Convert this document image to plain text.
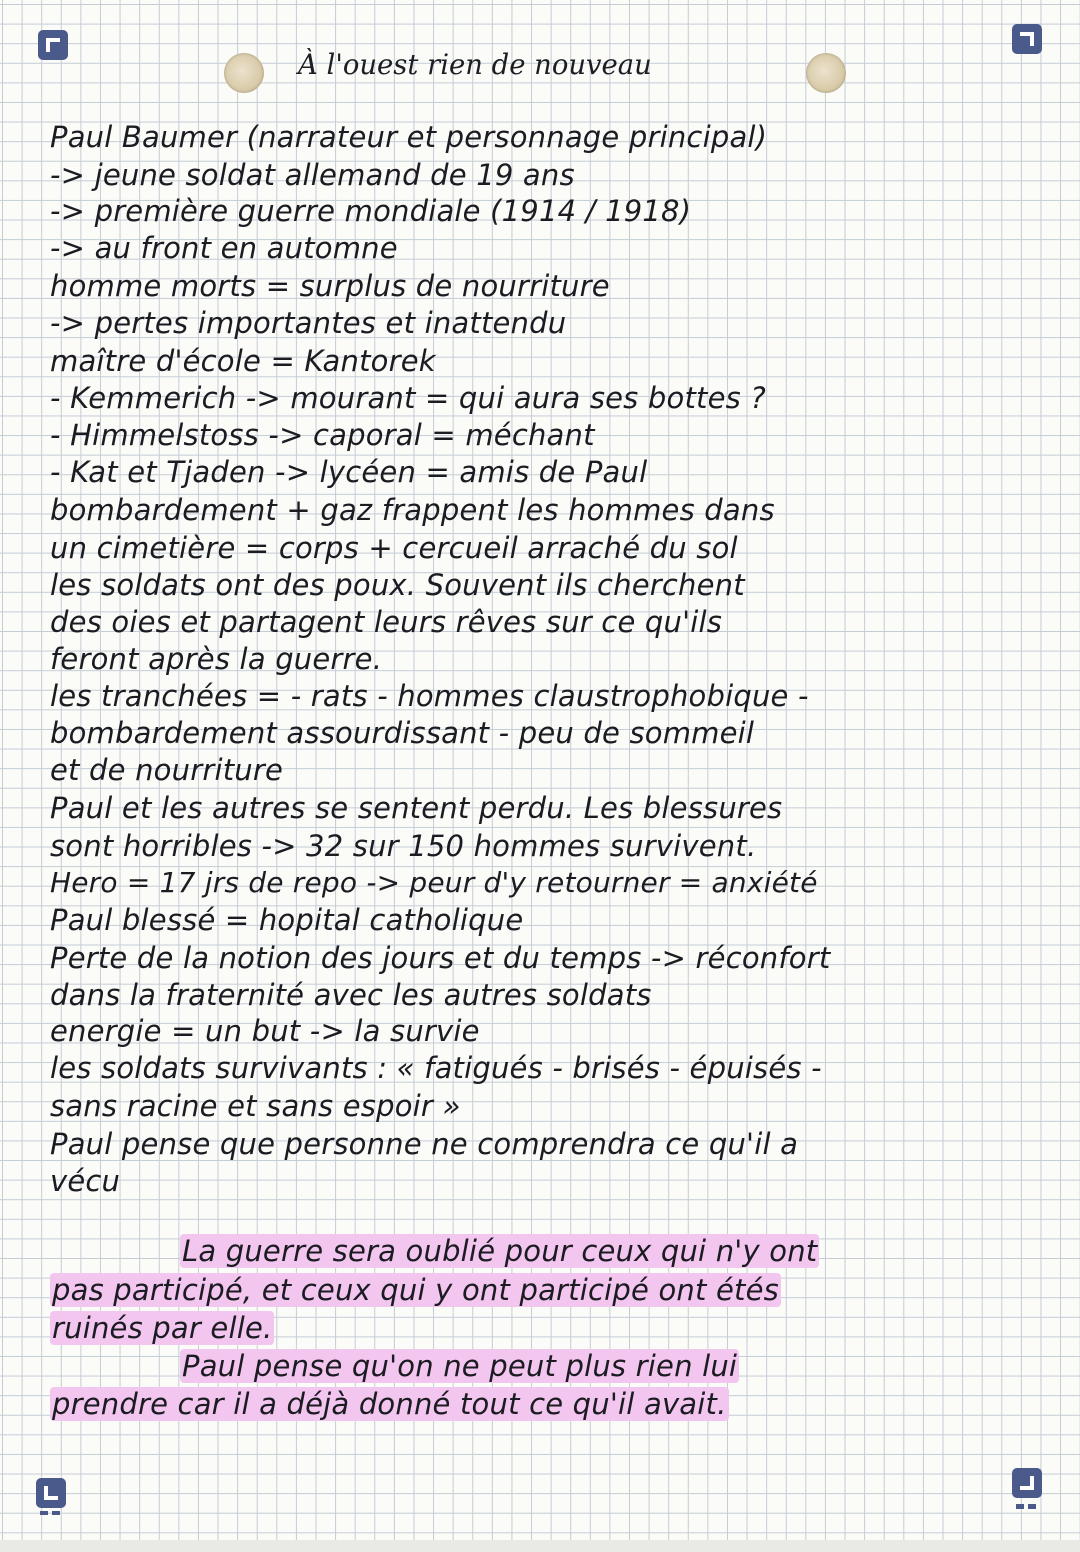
À l'ouest rien de nouveau
Paul Baumer (narrateur et personnage principal)
-> jeune soldat allemand de 19 ans
-> première guerre mondiale (1914 / 1918)
-> au front en automne
homme morts = surplus de nourriture
-> pertes importantes et inattendu
maître d'école = Kantorek
- Kemmerich -> mourant = qui aura ses bottes ?
- Himmelstoss -> caporal = méchant
- Kat et Tjaden -> lycéen = amis de Paul
bombardement + gaz frappent les hommes dans
un cimetière = corps + cercueil arraché du sol
les soldats ont des poux. Souvent ils cherchent
des oies et partagent leurs rêves sur ce qu'ils
feront après la guerre.
les tranchées = - rats - hommes claustrophobique -
bombardement assourdissant - peu de sommeil
et de nourriture
Paul et les autres se sentent perdu. Les blessures
sont horribles -> 32 sur 150 hommes survivent.
Hero = 17 jrs de repo -> peur d'y retourner = anxiété
Paul blessé = hopital catholique
Perte de la notion des jours et du temps -> réconfort
dans la fraternité avec les autres soldats
energie = un but -> la survie
les soldats survivants : « fatigués - brisés - épuisés -
sans racine et sans espoir »
Paul pense que personne ne comprendra ce qu'il a
vécu
La guerre sera oublié pour ceux qui n'y ont
pas participé, et ceux qui y ont participé ont étés
ruinés par elle.
Paul pense qu'on ne peut plus rien lui
prendre car il a déjà donné tout ce qu'il avait.
